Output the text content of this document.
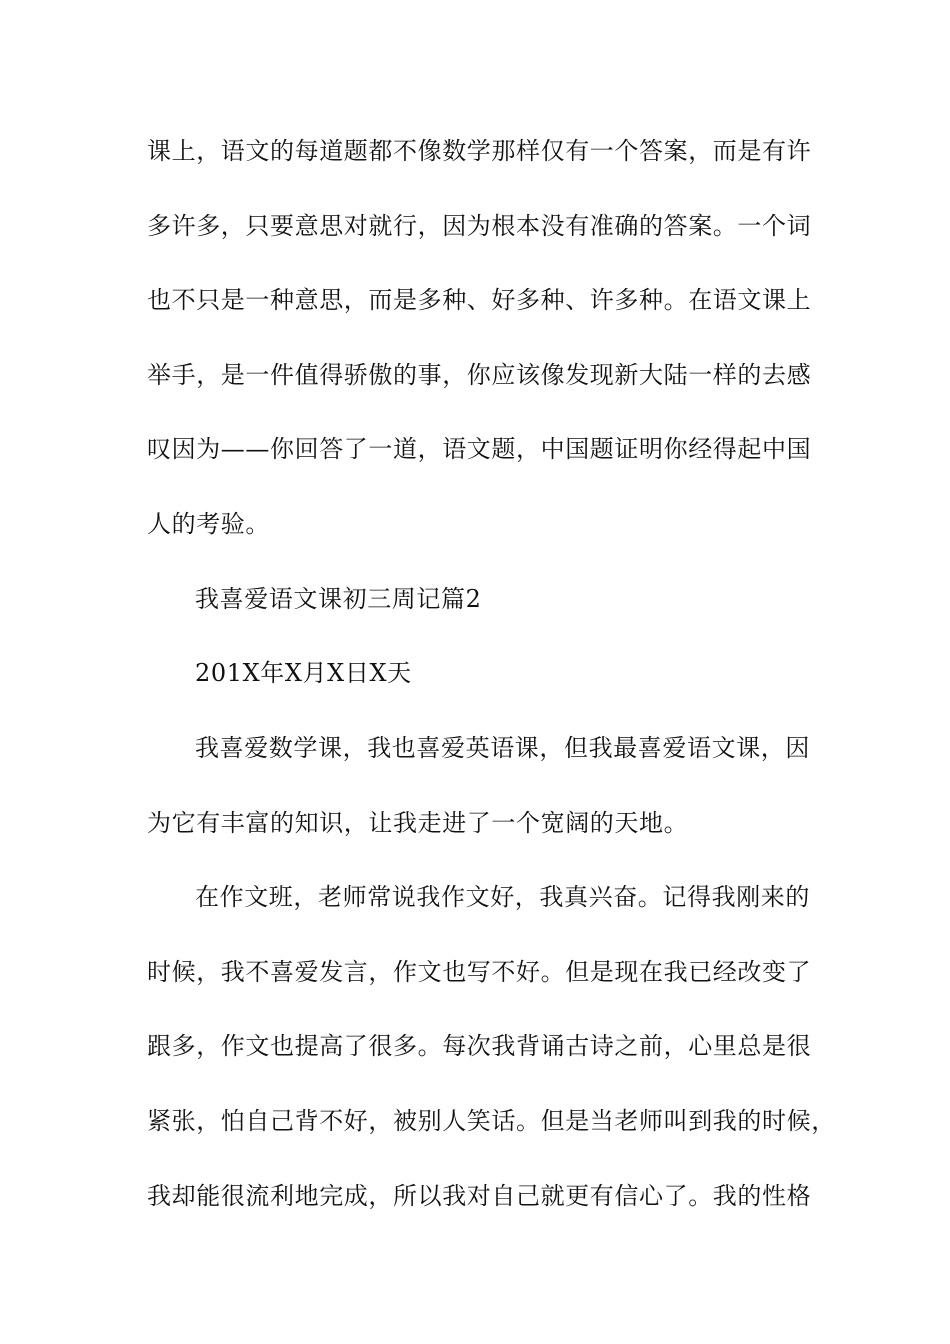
课上，语文的每道题都不像数学那样仅有一个答案，而是有许
多许多，只要意思对就行，因为根本没有准确的答案。一个词
也不只是一种意思，而是多种、好多种、许多种。在语文课上
举手，是一件值得骄傲的事，你应该像发现新大陆一样的去感
叹因为——你回答了一道，语文题，中国题证明你经得起中国
人的考验。
我喜爱语文课初三周记篇2
201X年X月X日X天
我喜爱数学课，我也喜爱英语课，但我最喜爱语文课，因
为它有丰富的知识，让我走进了一个宽阔的天地。
在作文班，老师常说我作文好，我真兴奋。记得我刚来的
时候，我不喜爱发言，作文也写不好。但是现在我已经改变了
跟多，作文也提高了很多。每次我背诵古诗之前，心里总是很
紧张，怕自己背不好，被别人笑话。但是当老师叫到我的时候，
我却能很流利地完成，所以我对自己就更有信心了。我的性格
